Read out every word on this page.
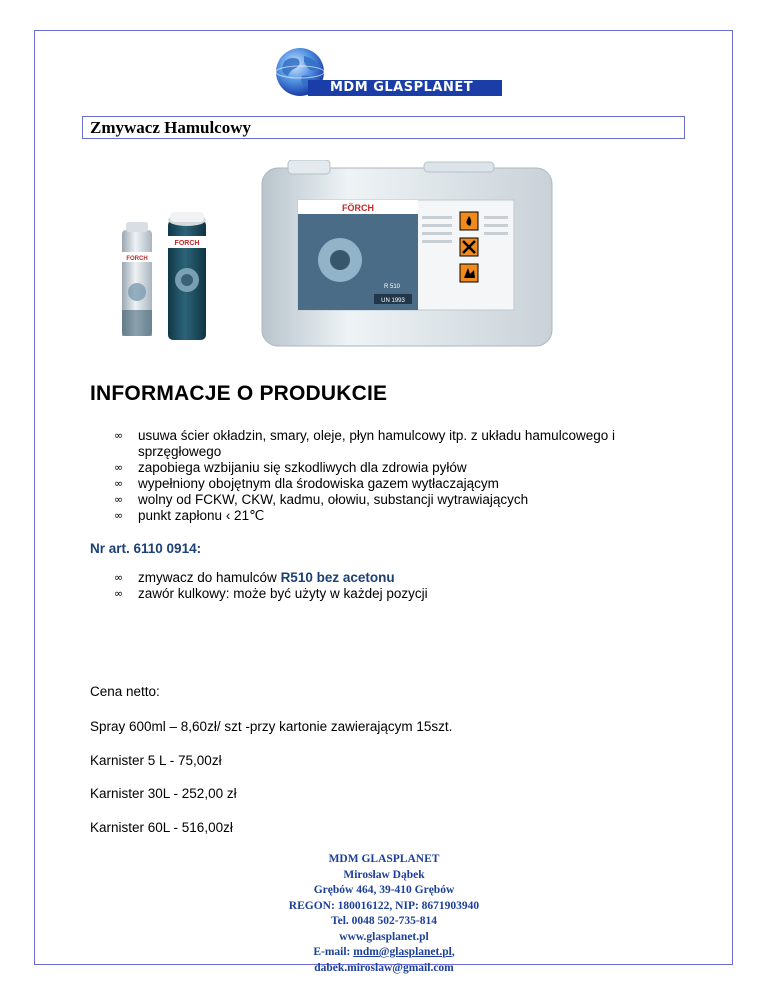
MDM GLASPLANET
Zmywacz Hamulcowy
FORCH
FORCH
FÖRCH
R 510
UN 1993
INFORMACJE O PRODUKCIE
∞ usuwa ścier okładzin, smary, oleje, płyn hamulcowy itp. z układu hamulcowego i sprzęgłowego
∞ zapobiega wzbijaniu się szkodliwych dla zdrowia pyłów
∞ wypełniony obojętnym dla środowiska gazem wytłaczającym
∞ wolny od FCKW, CKW, kadmu, ołowiu, substancji wytrawiających
∞ punkt zapłonu ‹ 21℃
Nr art. 6110 0914:
∞ zmywacz do hamulców R510 bez acetonu
∞ zawór kulkowy: może być użyty w każdej pozycji
Cena netto:
Spray 600ml – 8,60zł/ szt -przy kartonie zawierającym 15szt.
Karnister 5 L - 75,00zł
Karnister 30L - 252,00 zł
Karnister 60L - 516,00zł
MDM GLASPLANET
Mirosław Dąbek
Grębów 464, 39-410 Grębów
REGON: 180016122, NIP: 8671903940
Tel. 0048 502-735-814
www.glasplanet.pl
E-mail: mdm@glasplanet.pl,
dabek.miroslaw@gmail.com
